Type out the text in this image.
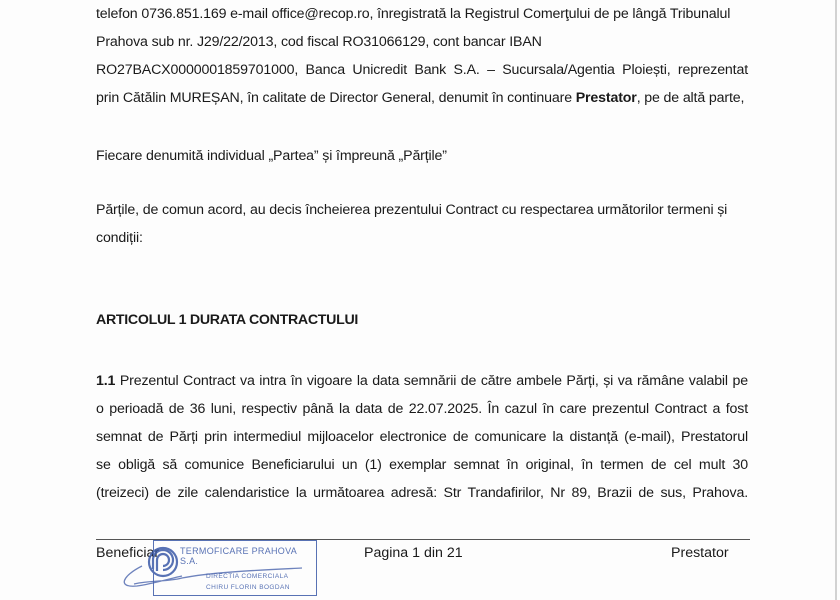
telefon 0736.851.169 e-mail office@recop.ro, înregistrată la Registrul Comerţului de pe lângă Tribunalul
Prahova sub nr. J29/22/2013, cod fiscal RO31066129, cont bancar IBAN
RO27BACX0000001859701000, Banca Unicredit Bank S.A. – Sucursala/Agentia Ploiești, reprezentat
prin Cătălin MUREȘAN, în calitate de Director General, denumit în continuare Prestator, pe de altă parte,
Fiecare denumită individual „Partea” și împreună „Părțile”
Părțile, de comun acord, au decis încheierea prezentului Contract cu respectarea următorilor termeni și
condiții:
ARTICOLUL 1 DURATA CONTRACTULUI
1.1 Prezentul Contract va intra în vigoare la data semnării de către ambele Părți, și va rămâne valabil pe
o perioadă de 36 luni, respectiv până la data de 22.07.2025. În cazul în care prezentul Contract a fost
semnat de Părți prin intermediul mijloacelor electronice de comunicare la distanță (e-mail), Prestatorul
se obligă să comunice Beneficiarului un (1) exemplar semnat în original, în termen de cel mult 30
(treizeci) de zile calendaristice la următoarea adresă: Str Trandafirilor, Nr 89, Brazii de sus, Prahova.
Beneficiar	Pagina 1 din 21	Prestator
TERMOFICARE PRAHOVA S.A.
DIRECTIA COMERCIALA
CHIRU FLORIN BOGDAN
